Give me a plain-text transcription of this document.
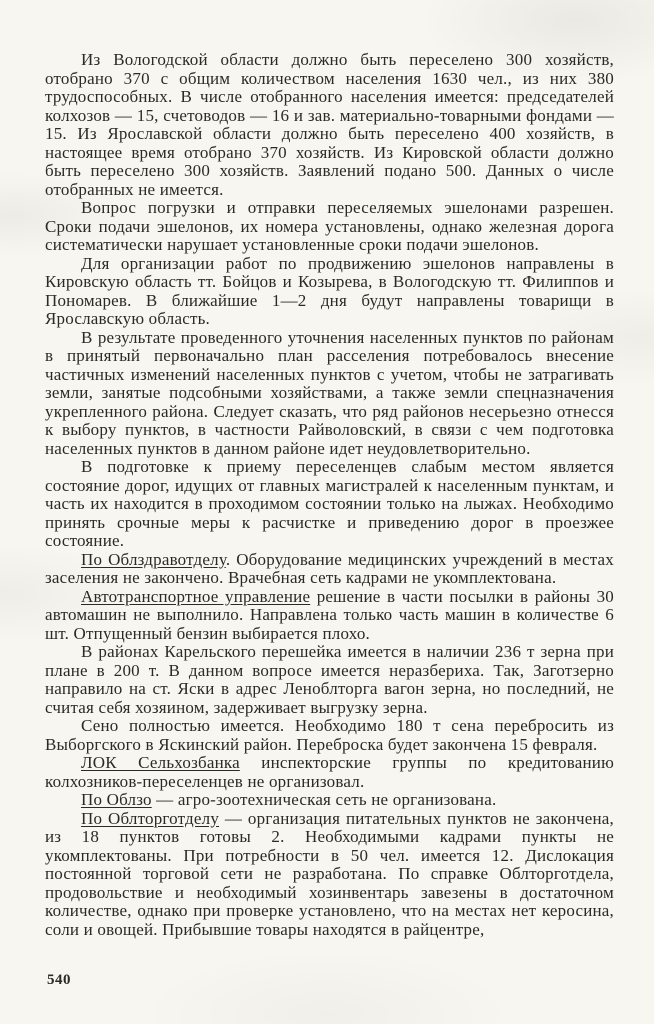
Из Вологодской области должно быть переселено 300 хозяйств, отобрано 370 с общим количеством населения 1630 чел., из них 380 трудоспособных. В числе отобранного населения имеется: председателей колхозов — 15, счетоводов — 16 и зав. материально-товарными фондами — 15. Из Ярославской области должно быть переселено 400 хозяйств, в настоящее время отобрано 370 хозяйств. Из Кировской области должно быть переселено 300 хозяйств. Заявлений подано 500. Данных о числе отобранных не имеется.

Вопрос погрузки и отправки переселяемых эшелонами разрешен. Сроки подачи эшелонов, их номера установлены, однако железная дорога систематически нарушает установленные сроки подачи эшелонов.

Для организации работ по продвижению эшелонов направлены в Кировскую область тт. Бойцов и Козырева, в Вологодскую тт. Филиппов и Пономарев. В ближайшие 1—2 дня будут направлены товарищи в Ярославскую область.

В результате проведенного уточнения населенных пунктов по районам в принятый первоначально план расселения потребовалось внесение частичных изменений населенных пунктов с учетом, чтобы не затрагивать земли, занятые подсобными хозяйствами, а также земли спецназначения укрепленного района. Следует сказать, что ряд районов несерьезно отнесся к выбору пунктов, в частности Райволовский, в связи с чем подготовка населенных пунктов в данном районе идет неудовлетворительно.

В подготовке к приему переселенцев слабым местом является состояние дорог, идущих от главных магистралей к населенным пунктам, и часть их находится в проходимом состоянии только на лыжах. Необходимо принять срочные меры к расчистке и приведению дорог в проезжее состояние.

По Облздравотделу. Оборудование медицинских учреждений в местах заселения не закончено. Врачебная сеть кадрами не укомплектована.

Автотранспортное управление решение в части посылки в районы 30 автомашин не выполнило. Направлена только часть машин в количестве 6 шт. Отпущенный бензин выбирается плохо.

В районах Карельского перешейка имеется в наличии 236 т зерна при плане в 200 т. В данном вопросе имеется неразбериха. Так, Заготзерно направило на ст. Яски в адрес Леноблторга вагон зерна, но последний, не считая себя хозяином, задерживает выгрузку зерна.

Сено полностью имеется. Необходимо 180 т сена перебросить из Выборгского в Яскинский район. Переброска будет закончена 15 февраля.

ЛОК Сельхозбанка инспекторские группы по кредитованию колхозников-переселенцев не организовал.

По Облзо — агро-зоотехническая сеть не организована.

По Облторготделу — организация питательных пунктов не закончена, из 18 пунктов готовы 2. Необходимыми кадрами пункты не укомплектованы. При потребности в 50 чел. имеется 12. Дислокация постоянной торговой сети не разработана. По справке Облторготдела, продовольствие и необходимый хозинвентарь завезены в достаточном количестве, однако при проверке установлено, что на местах нет керосина, соли и овощей. Прибывшие товары находятся в райцентре,

540
